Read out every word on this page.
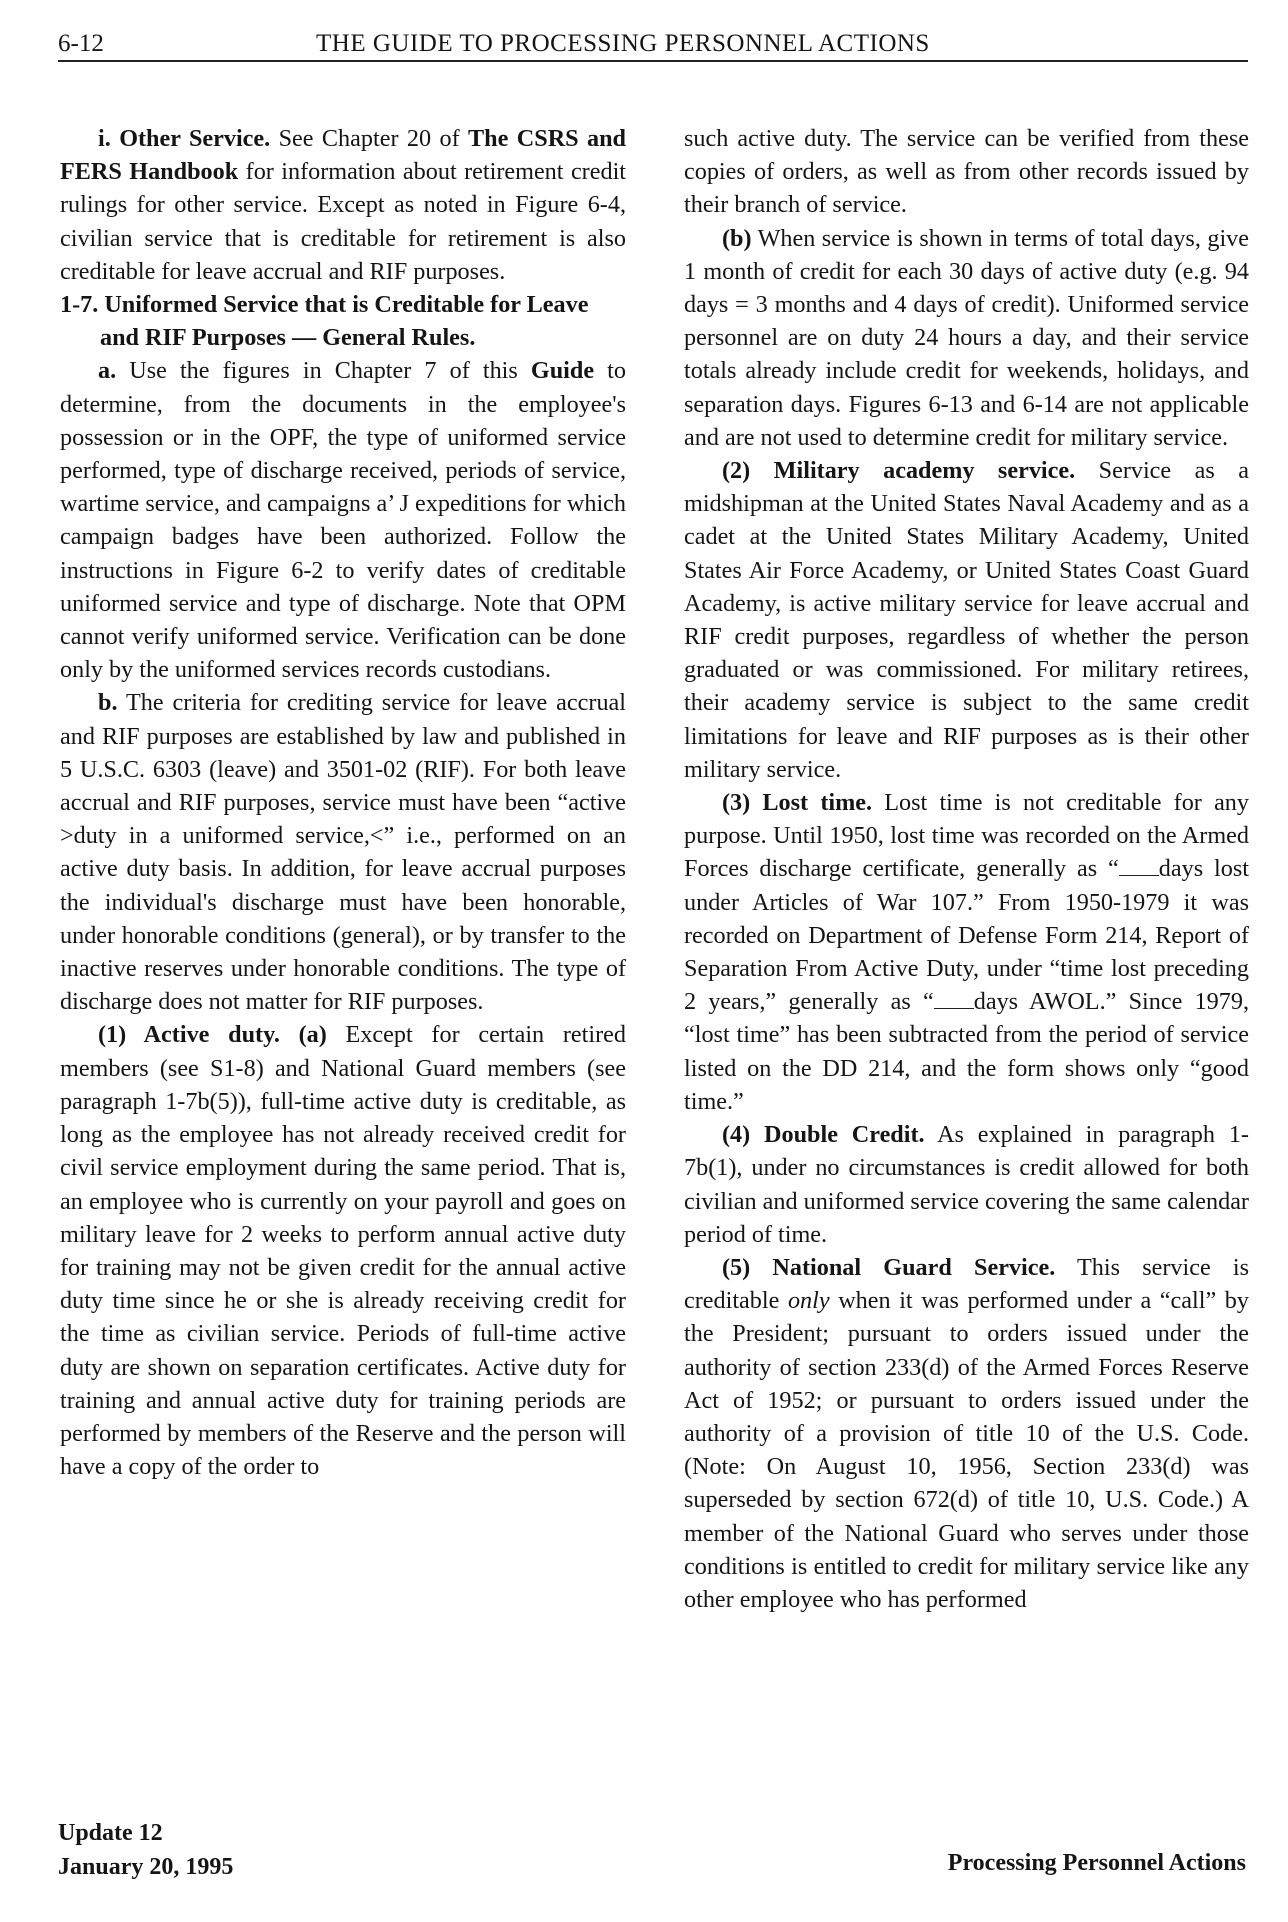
6-12	THE GUIDE TO PROCESSING PERSONNEL ACTIONS

i. Other Service. See Chapter 20 of The CSRS and FERS Handbook for information about retirement credit rulings for other service. Except as noted in Figure 6-4, civilian service that is creditable for retirement is also creditable for leave accrual and RIF purposes.

1-7. Uniformed Service that is Creditable for Leave and RIF Purposes — General Rules.

a. Use the figures in Chapter 7 of this Guide to determine, from the documents in the employee's possession or in the OPF, the type of uniformed service performed, type of discharge received, periods of service, wartime service, and campaigns a’ J expeditions for which campaign badges have been authorized. Follow the instructions in Figure 6-2 to verify dates of creditable uniformed service and type of discharge. Note that OPM cannot verify uniformed service. Verification can be done only by the uniformed services records custodians.

b. The criteria for crediting service for leave accrual and RIF purposes are established by law and published in 5 U.S.C. 6303 (leave) and 3501-02 (RIF). For both leave accrual and RIF purposes, service must have been “active >duty in a uniformed service,<” i.e., performed on an active duty basis. In addition, for leave accrual purposes the individual's discharge must have been honorable, under honorable conditions (general), or by transfer to the inactive reserves under honorable conditions. The type of discharge does not matter for RIF purposes.

(1) Active duty. (a) Except for certain retired members (see S1-8) and National Guard members (see paragraph 1-7b(5)), full-time active duty is creditable, as long as the employee has not already received credit for civil service employment during the same period. That is, an employee who is currently on your payroll and goes on military leave for 2 weeks to perform annual active duty for training may not be given credit for the annual active duty time since he or she is already receiving credit for the time as civilian service. Periods of full-time active duty are shown on separation certificates. Active duty for training and annual active duty for training periods are performed by members of the Reserve and the person will have a copy of the order to

such active duty. The service can be verified from these copies of orders, as well as from other records issued by their branch of service.

(b) When service is shown in terms of total days, give 1 month of credit for each 30 days of active duty (e.g. 94 days = 3 months and 4 days of credit). Uniformed service personnel are on duty 24 hours a day, and their service totals already include credit for weekends, holidays, and separation days. Figures 6-13 and 6-14 are not applicable and are not used to determine credit for military service.

(2) Military academy service. Service as a midshipman at the United States Naval Academy and as a cadet at the United States Military Academy, United States Air Force Academy, or United States Coast Guard Academy, is active military service for leave accrual and RIF credit purposes, regardless of whether the person graduated or was commissioned. For military retirees, their academy service is subject to the same credit limitations for leave and RIF purposes as is their other military service.

(3) Lost time. Lost time is not creditable for any purpose. Until 1950, lost time was recorded on the Armed Forces discharge certificate, generally as “ days lost under Articles of War 107.” From 1950-1979 it was recorded on Department of Defense Form 214, Report of Separation From Active Duty, under “time lost preceding 2 years,” generally as “ days AWOL.” Since 1979, “lost time” has been subtracted from the period of service listed on the DD 214, and the form shows only “good time.”

(4) Double Credit. As explained in paragraph 1-7b(1), under no circumstances is credit allowed for both civilian and uniformed service covering the same calendar period of time.

(5) National Guard Service. This service is creditable only when it was performed under a “call” by the President; pursuant to orders issued under the authority of section 233(d) of the Armed Forces Reserve Act of 1952; or pursuant to orders issued under the authority of a provision of title 10 of the U.S. Code. (Note: On August 10, 1956, Section 233(d) was superseded by section 672(d) of title 10, U.S. Code.) A member of the National Guard who serves under those conditions is entitled to credit for military service like any other employee who has performed

Update 12
January 20, 1995	Processing Personnel Actions
